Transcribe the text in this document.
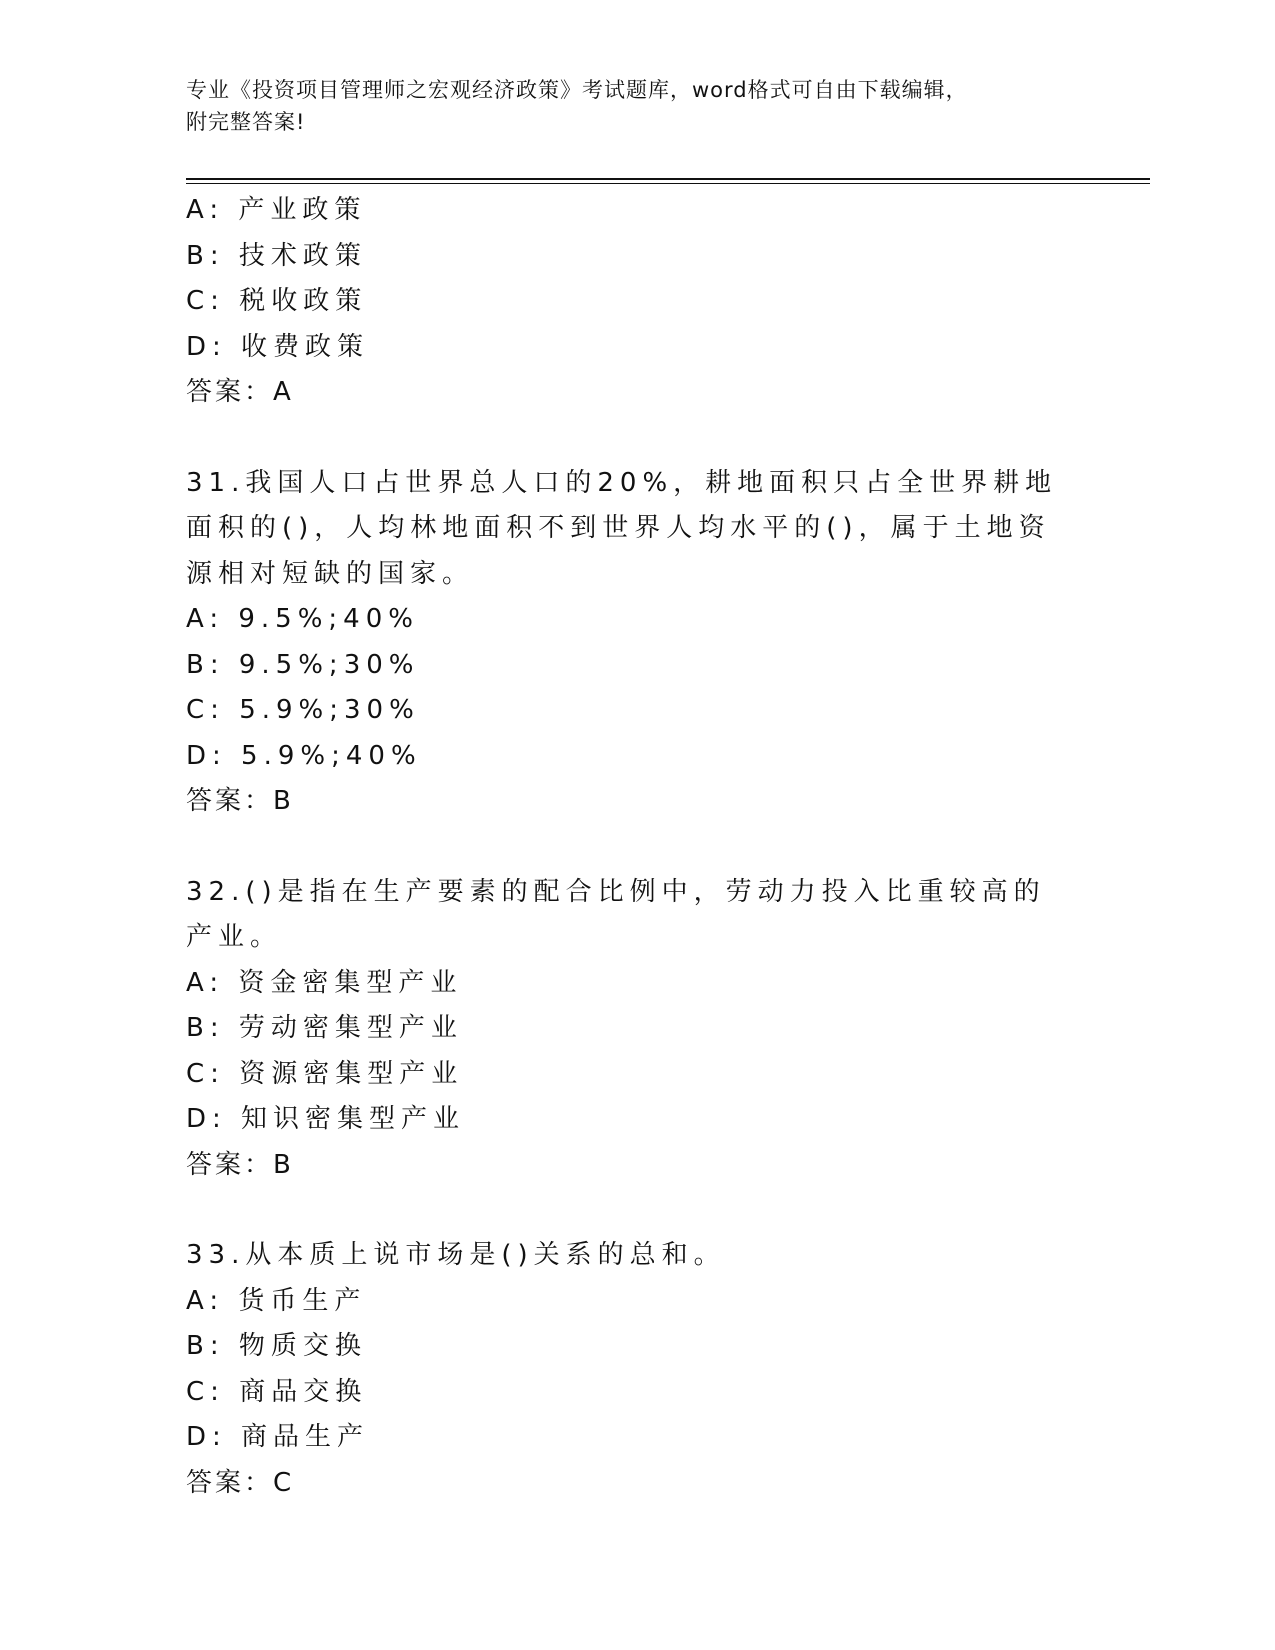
专业《投资项目管理师之宏观经济政策》考试题库，word格式可自由下载编辑，
附完整答案!
A: 产业政策
B: 技术政策
C: 税收政策
D: 收费政策
答案：A
31.我国人口占世界总人口的20%，耕地面积只占全世界耕地面积的()，人均林地面积不到世界人均水平的()，属于土地资源相对短缺的国家。
A: 9.5%;40%
B: 9.5%;30%
C: 5.9%;30%
D: 5.9%;40%
答案：B
32.()是指在生产要素的配合比例中，劳动力投入比重较高的产业。
A: 资金密集型产业
B: 劳动密集型产业
C: 资源密集型产业
D: 知识密集型产业
答案：B
33.从本质上说市场是()关系的总和。
A: 货币生产
B: 物质交换
C: 商品交换
D: 商品生产
答案：C
